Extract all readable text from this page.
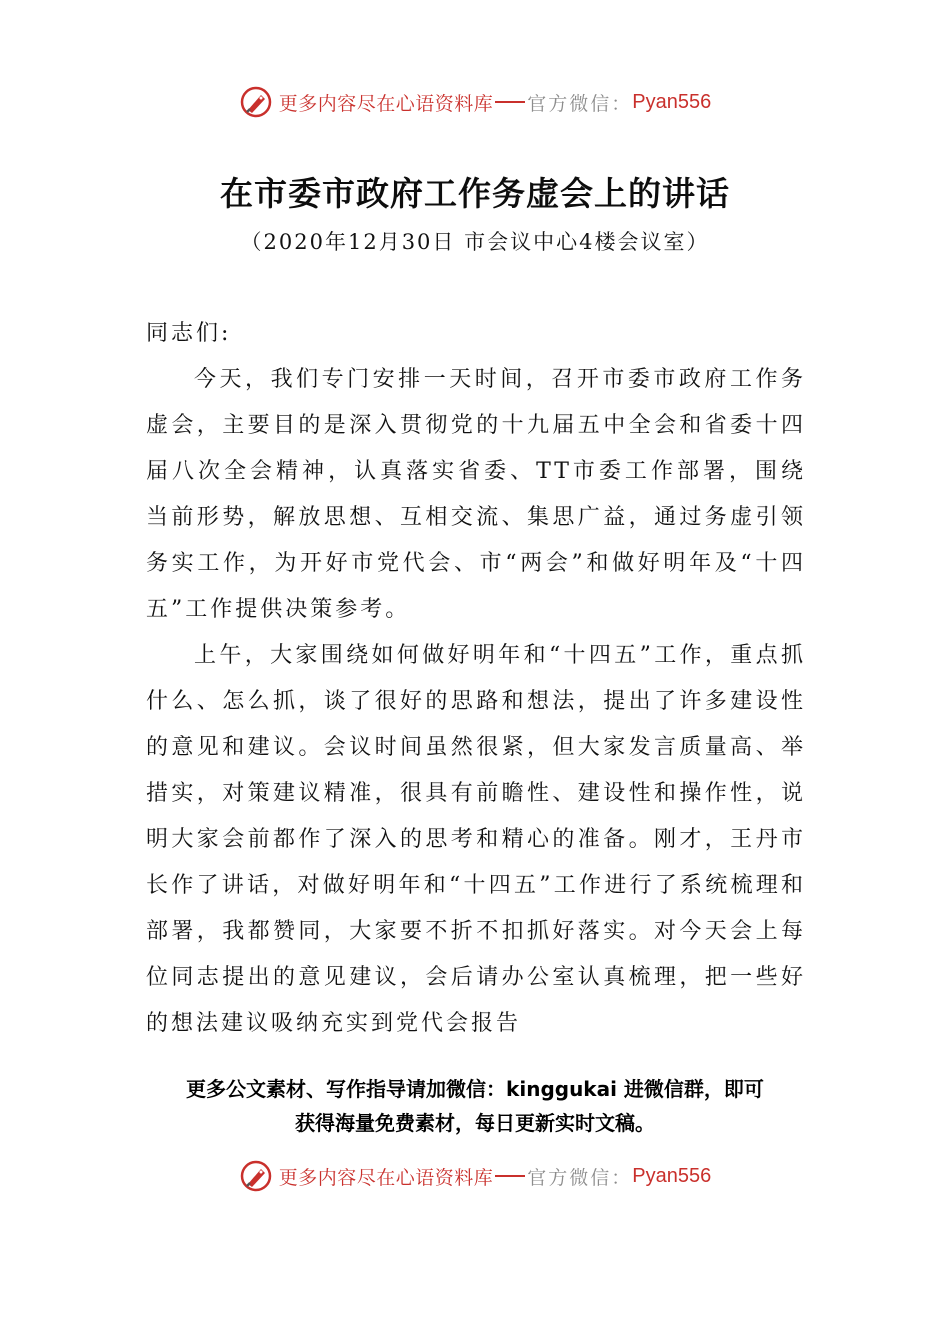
更多内容尽在心语资料库 官方微信： Pyan556
在市委市政府工作务虚会上的讲话
（2020年12月30日 市会议中心4楼会议室）

同志们:

今天，我们专门安排一天时间，召开市委市政府工作务虚会，主要目的是深入贯彻党的十九届五中全会和省委十四届八次全会精神，认真落实省委、TT市委工作部署，围绕当前形势，解放思想、互相交流、集思广益，通过务虚引领务实工作，为开好市党代会、市“两会”和做好明年及“十四五”工作提供决策参考。

上午，大家围绕如何做好明年和“十四五”工作，重点抓什么、怎么抓，谈了很好的思路和想法，提出了许多建设性的意见和建议。会议时间虽然很紧，但大家发言质量高、举措实，对策建议精准，很具有前瞻性、建设性和操作性，说明大家会前都作了深入的思考和精心的准备。刚才，王丹市长作了讲话，对做好明年和“十四五”工作进行了系统梳理和部署，我都赞同，大家要不折不扣抓好落实。对今天会上每位同志提出的意见建议，会后请办公室认真梳理，把一些好的想法建议吸纳充实到党代会报告

更多公文素材、写作指导请加微信：kinggukai 进微信群，即可
获得海量免费素材，每日更新实时文稿。
更多内容尽在心语资料库 官方微信： Pyan556
